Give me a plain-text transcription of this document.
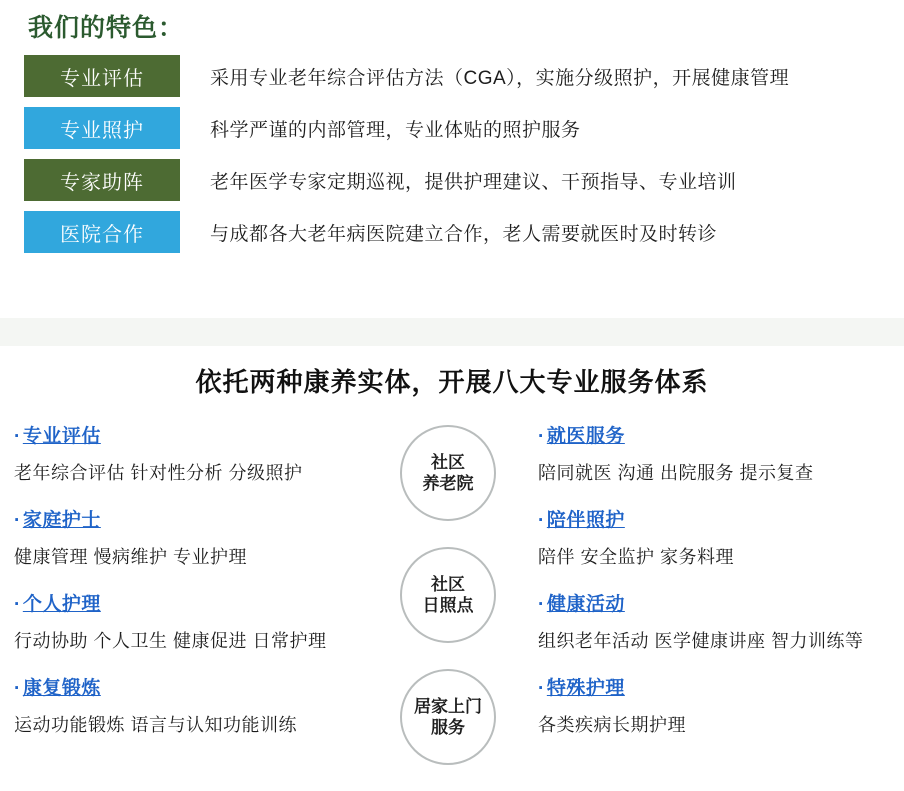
我们的特色：
专业评估	采用专业老年综合评估方法（CGA），实施分级照护，开展健康管理
专业照护	科学严谨的内部管理，专业体贴的照护服务
专家助阵	老年医学专家定期巡视，提供护理建议、干预指导、专业培训
医院合作	与成都各大老年病医院建立合作，老人需要就医时及时转诊
依托两种康养实体，开展八大专业服务体系
· 专业评估
老年综合评估 针对性分析 分级照护
· 家庭护士
健康管理 慢病维护 专业护理
· 个人护理
行动协助 个人卫生 健康促进 日常护理
· 康复锻炼
运动功能锻炼 语言与认知功能训练
社区
养老院
社区
日照点
居家上门
服务
· 就医服务
陪同就医 沟通 出院服务 提示复查
· 陪伴照护
陪伴 安全监护 家务料理
· 健康活动
组织老年活动 医学健康讲座 智力训练等
· 特殊护理
各类疾病长期护理
